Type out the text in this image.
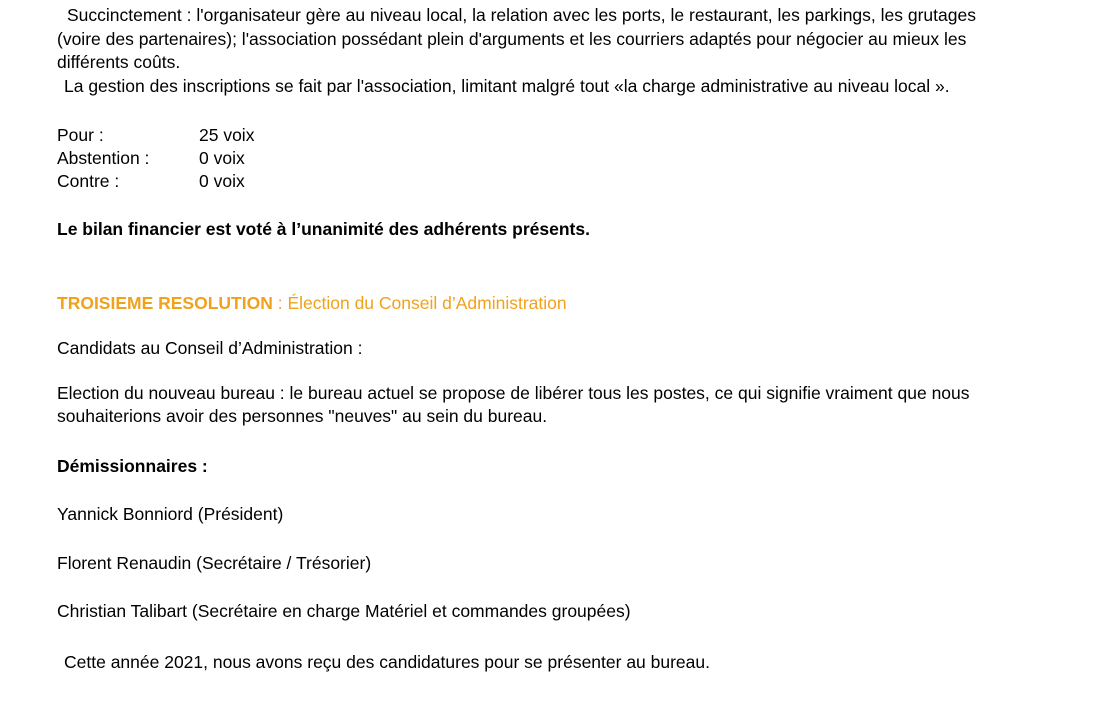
Succinctement : l'organisateur gère au niveau local, la relation avec les ports, le restaurant, les parkings, les grutages (voire des partenaires); l'association possédant plein d'arguments et les courriers adaptés pour négocier au mieux les différents coûts.

La gestion des inscriptions se fait par l'association, limitant malgré tout «la charge administrative au niveau local ».

Pour :	25 voix
Abstention :	0 voix
Contre :	0 voix

Le bilan financier est voté à l’unanimité des adhérents présents.

TROISIEME RESOLUTION : Élection du Conseil d’Administration

Candidats au Conseil d’Administration :

Election du nouveau bureau : le bureau actuel se propose de libérer tous les postes, ce qui signifie vraiment que nous souhaiterions avoir des personnes "neuves" au sein du bureau.

Démissionnaires :

Yannick Bonniord (Président)

Florent Renaudin (Secrétaire / Trésorier)

Christian Talibart (Secrétaire en charge Matériel et commandes groupées)

Cette année 2021, nous avons reçu des candidatures pour se présenter au bureau.
